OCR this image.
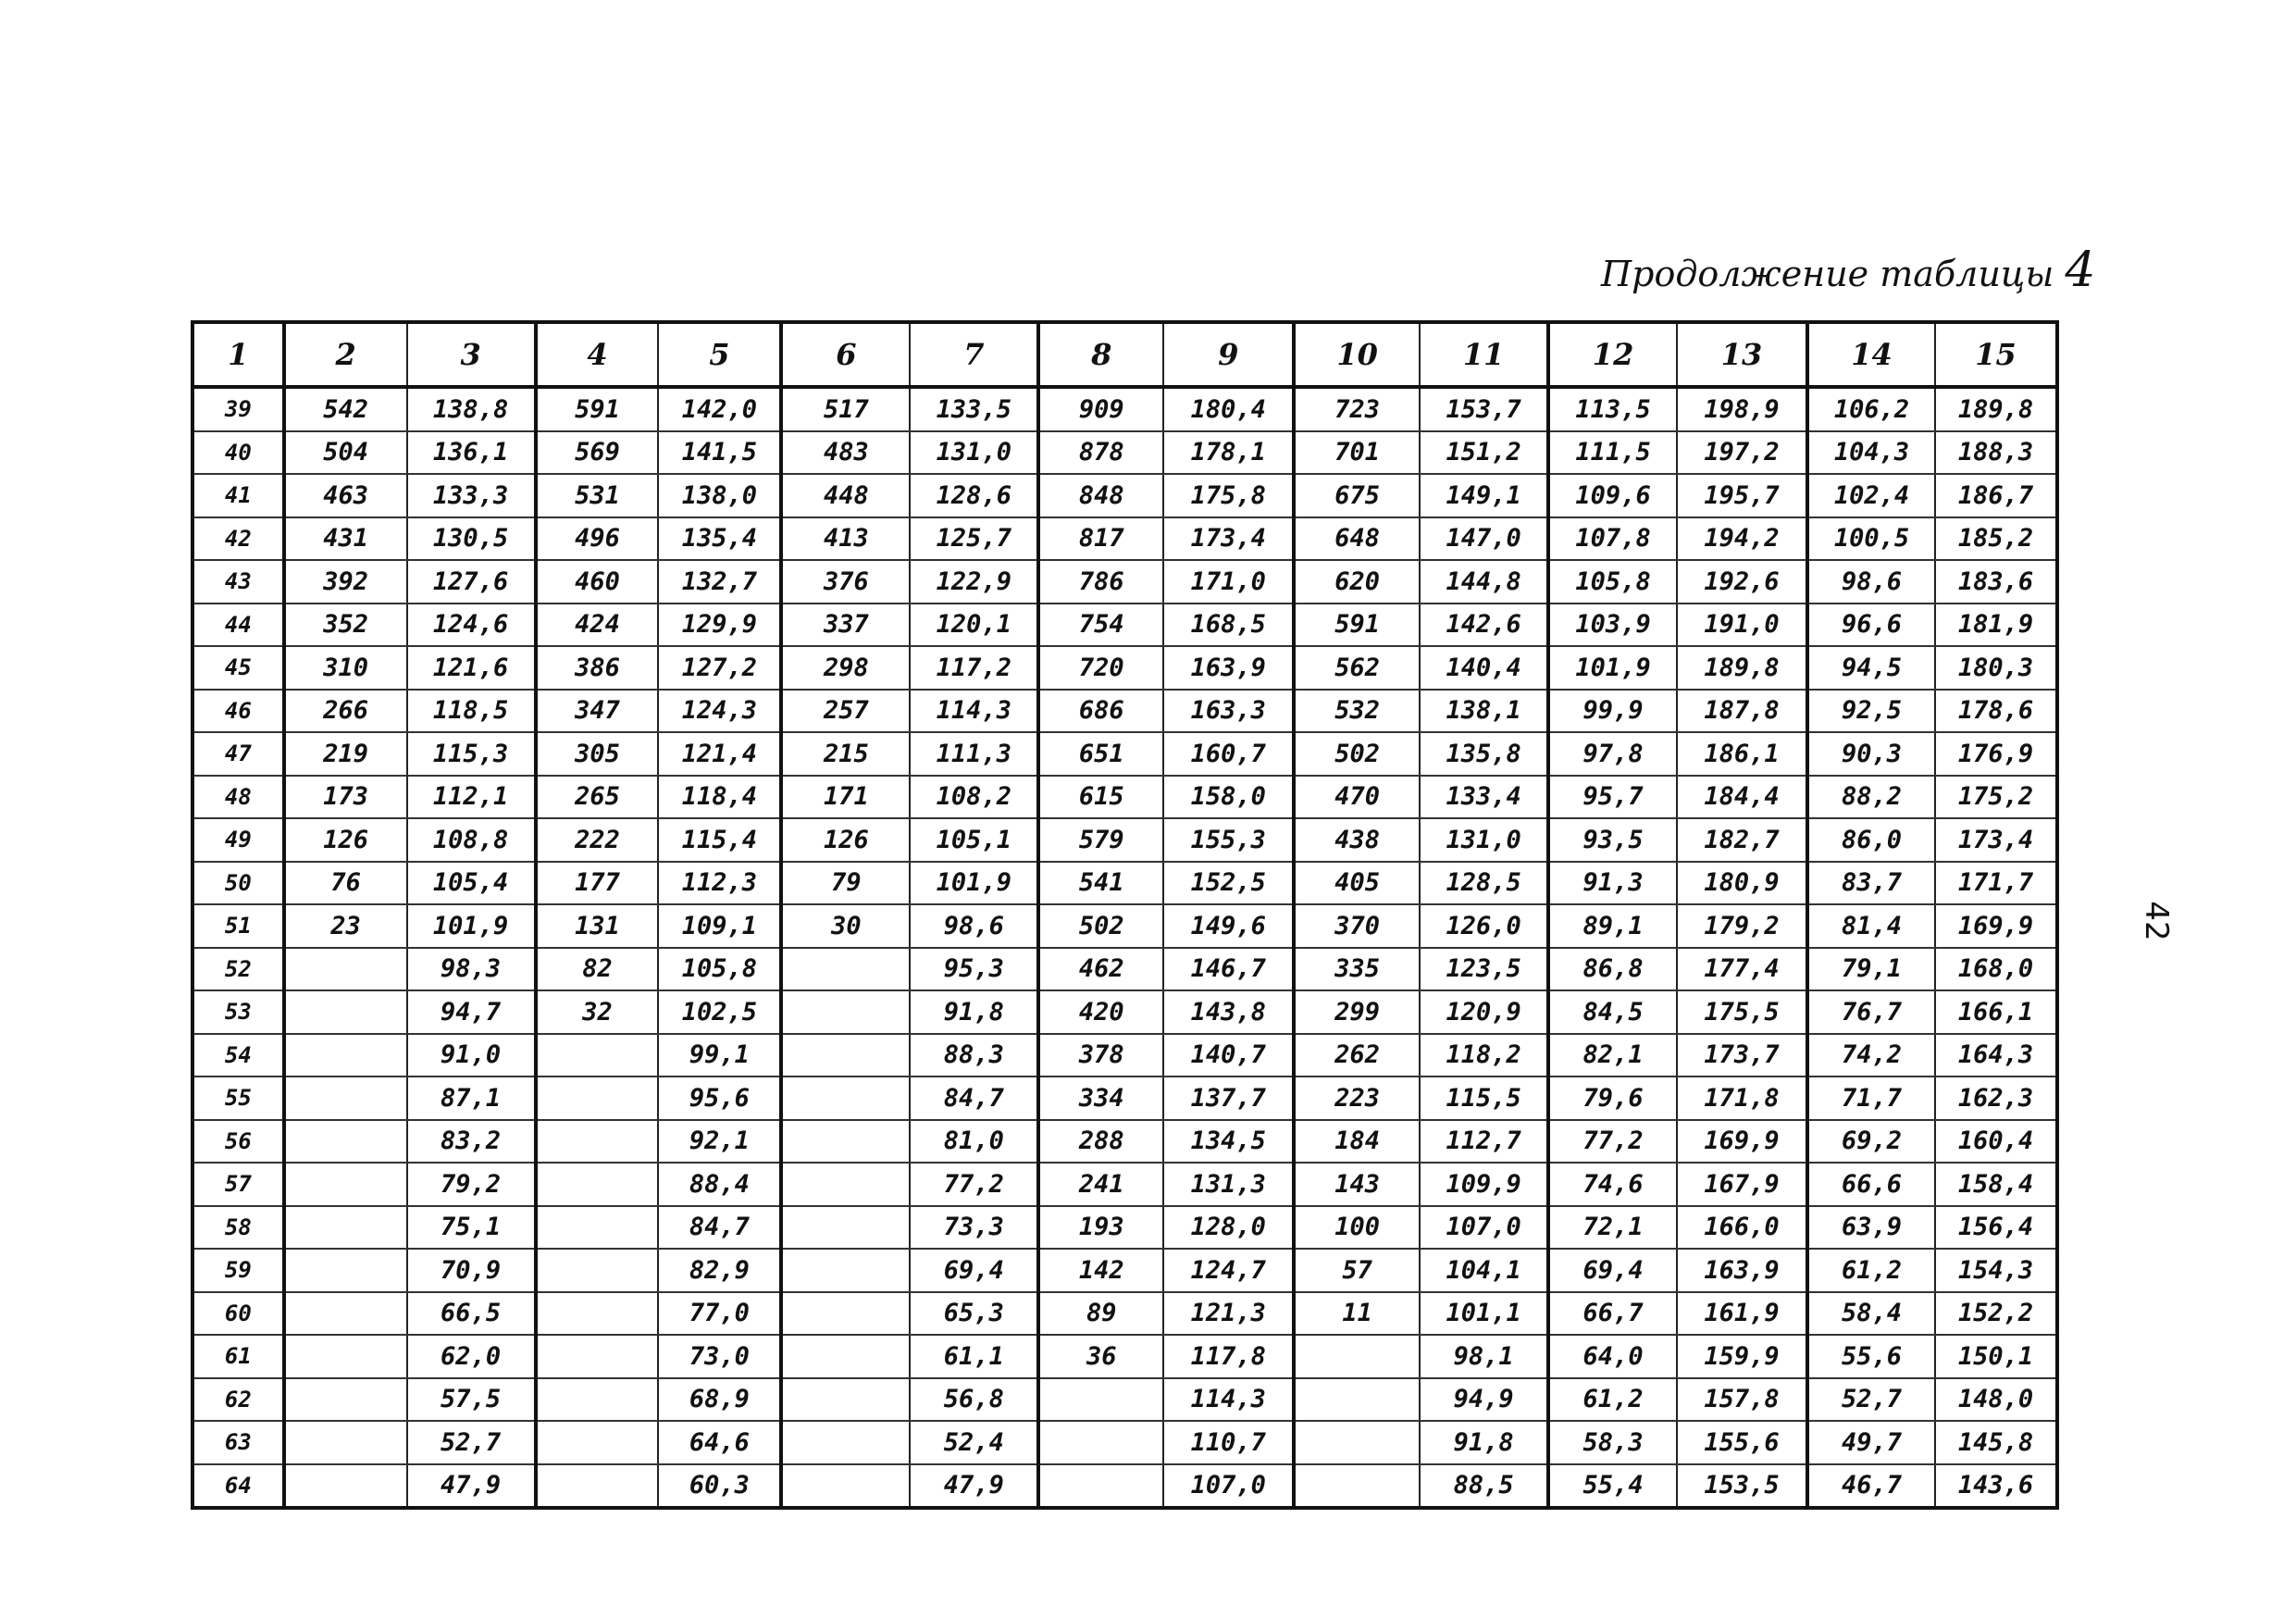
Продолжение таблицы 4
42
1	2	3	4	5	6	7	8	9	10	11	12	13	14	15
39	542	138,8	591	142,0	517	133,5	909	180,4	723	153,7	113,5	198,9	106,2	189,8
40	504	136,1	569	141,5	483	131,0	878	178,1	701	151,2	111,5	197,2	104,3	188,3
41	463	133,3	531	138,0	448	128,6	848	175,8	675	149,1	109,6	195,7	102,4	186,7
42	431	130,5	496	135,4	413	125,7	817	173,4	648	147,0	107,8	194,2	100,5	185,2
43	392	127,6	460	132,7	376	122,9	786	171,0	620	144,8	105,8	192,6	98,6	183,6
44	352	124,6	424	129,9	337	120,1	754	168,5	591	142,6	103,9	191,0	96,6	181,9
45	310	121,6	386	127,2	298	117,2	720	163,9	562	140,4	101,9	189,8	94,5	180,3
46	266	118,5	347	124,3	257	114,3	686	163,3	532	138,1	99,9	187,8	92,5	178,6
47	219	115,3	305	121,4	215	111,3	651	160,7	502	135,8	97,8	186,1	90,3	176,9
48	173	112,1	265	118,4	171	108,2	615	158,0	470	133,4	95,7	184,4	88,2	175,2
49	126	108,8	222	115,4	126	105,1	579	155,3	438	131,0	93,5	182,7	86,0	173,4
50	76	105,4	177	112,3	79	101,9	541	152,5	405	128,5	91,3	180,9	83,7	171,7
51	23	101,9	131	109,1	30	98,6	502	149,6	370	126,0	89,1	179,2	81,4	169,9
52		98,3	82	105,8		95,3	462	146,7	335	123,5	86,8	177,4	79,1	168,0
53		94,7	32	102,5		91,8	420	143,8	299	120,9	84,5	175,5	76,7	166,1
54		91,0		99,1		88,3	378	140,7	262	118,2	82,1	173,7	74,2	164,3
55		87,1		95,6		84,7	334	137,7	223	115,5	79,6	171,8	71,7	162,3
56		83,2		92,1		81,0	288	134,5	184	112,7	77,2	169,9	69,2	160,4
57		79,2		88,4		77,2	241	131,3	143	109,9	74,6	167,9	66,6	158,4
58		75,1		84,7		73,3	193	128,0	100	107,0	72,1	166,0	63,9	156,4
59		70,9		82,9		69,4	142	124,7	57	104,1	69,4	163,9	61,2	154,3
60		66,5		77,0		65,3	89	121,3	11	101,1	66,7	161,9	58,4	152,2
61		62,0		73,0		61,1	36	117,8		98,1	64,0	159,9	55,6	150,1
62		57,5		68,9		56,8		114,3		94,9	61,2	157,8	52,7	148,0
63		52,7		64,6		52,4		110,7		91,8	58,3	155,6	49,7	145,8
64		47,9		60,3		47,9		107,0		88,5	55,4	153,5	46,7	143,6
